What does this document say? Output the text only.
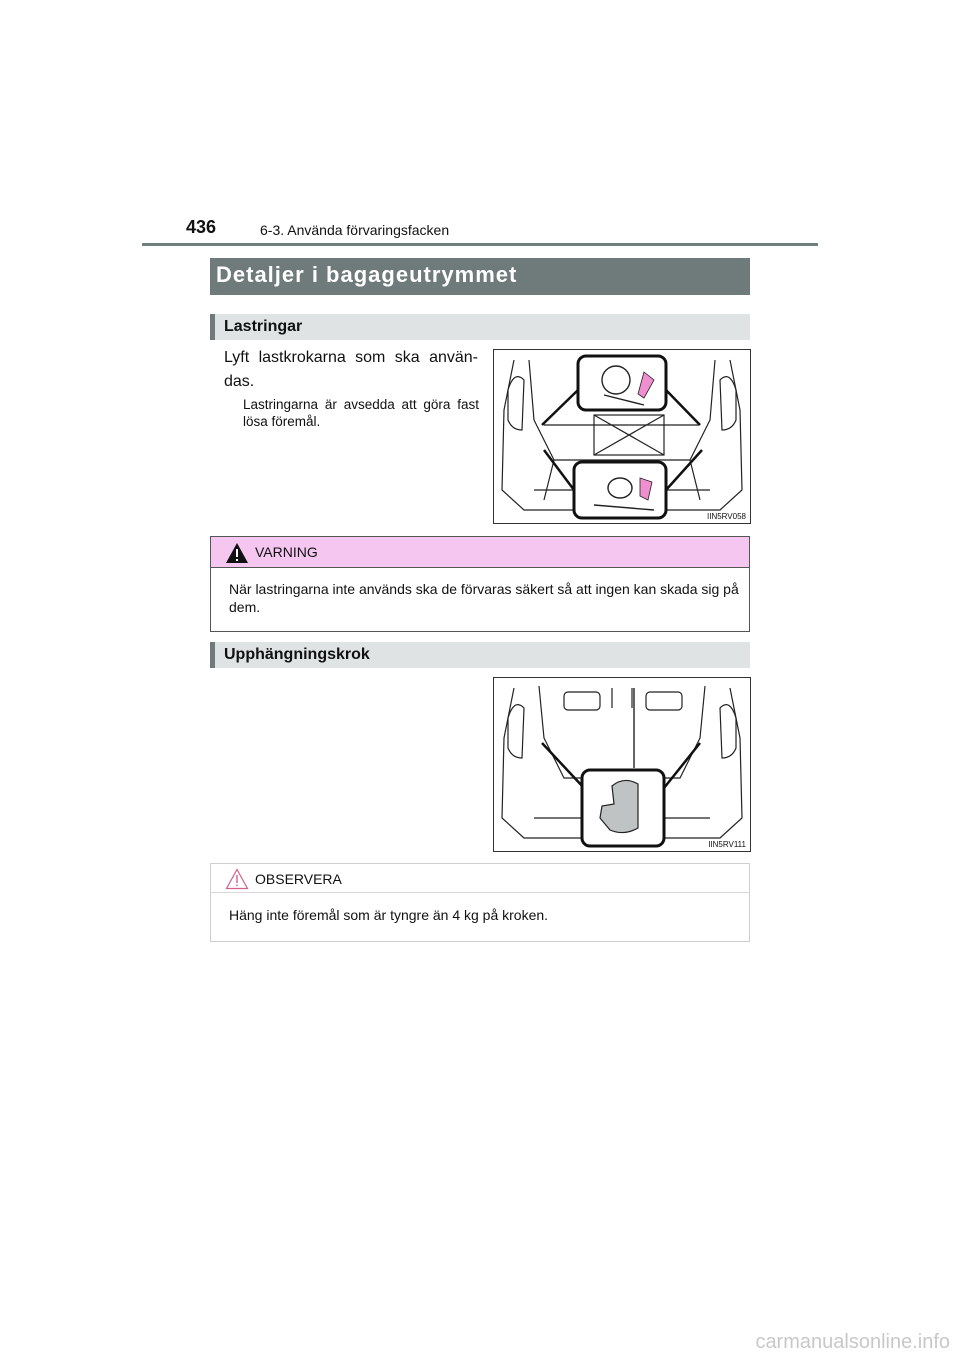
436	6-3. Använda förvaringsfacken
Detaljer i bagageutrymmet
Lastringar
Lyft lastkrokarna som ska använ-das.
Lastringarna är avsedda att göra fast lösa föremål.
IIN5RV058
VARNING
När lastringarna inte används ska de förvaras säkert så att ingen kan skada sig på dem.
Upphängningskrok
IIN5RV111
OBSERVERA
Häng inte föremål som är tyngre än 4 kg på kroken.
carmanualsonline.info
